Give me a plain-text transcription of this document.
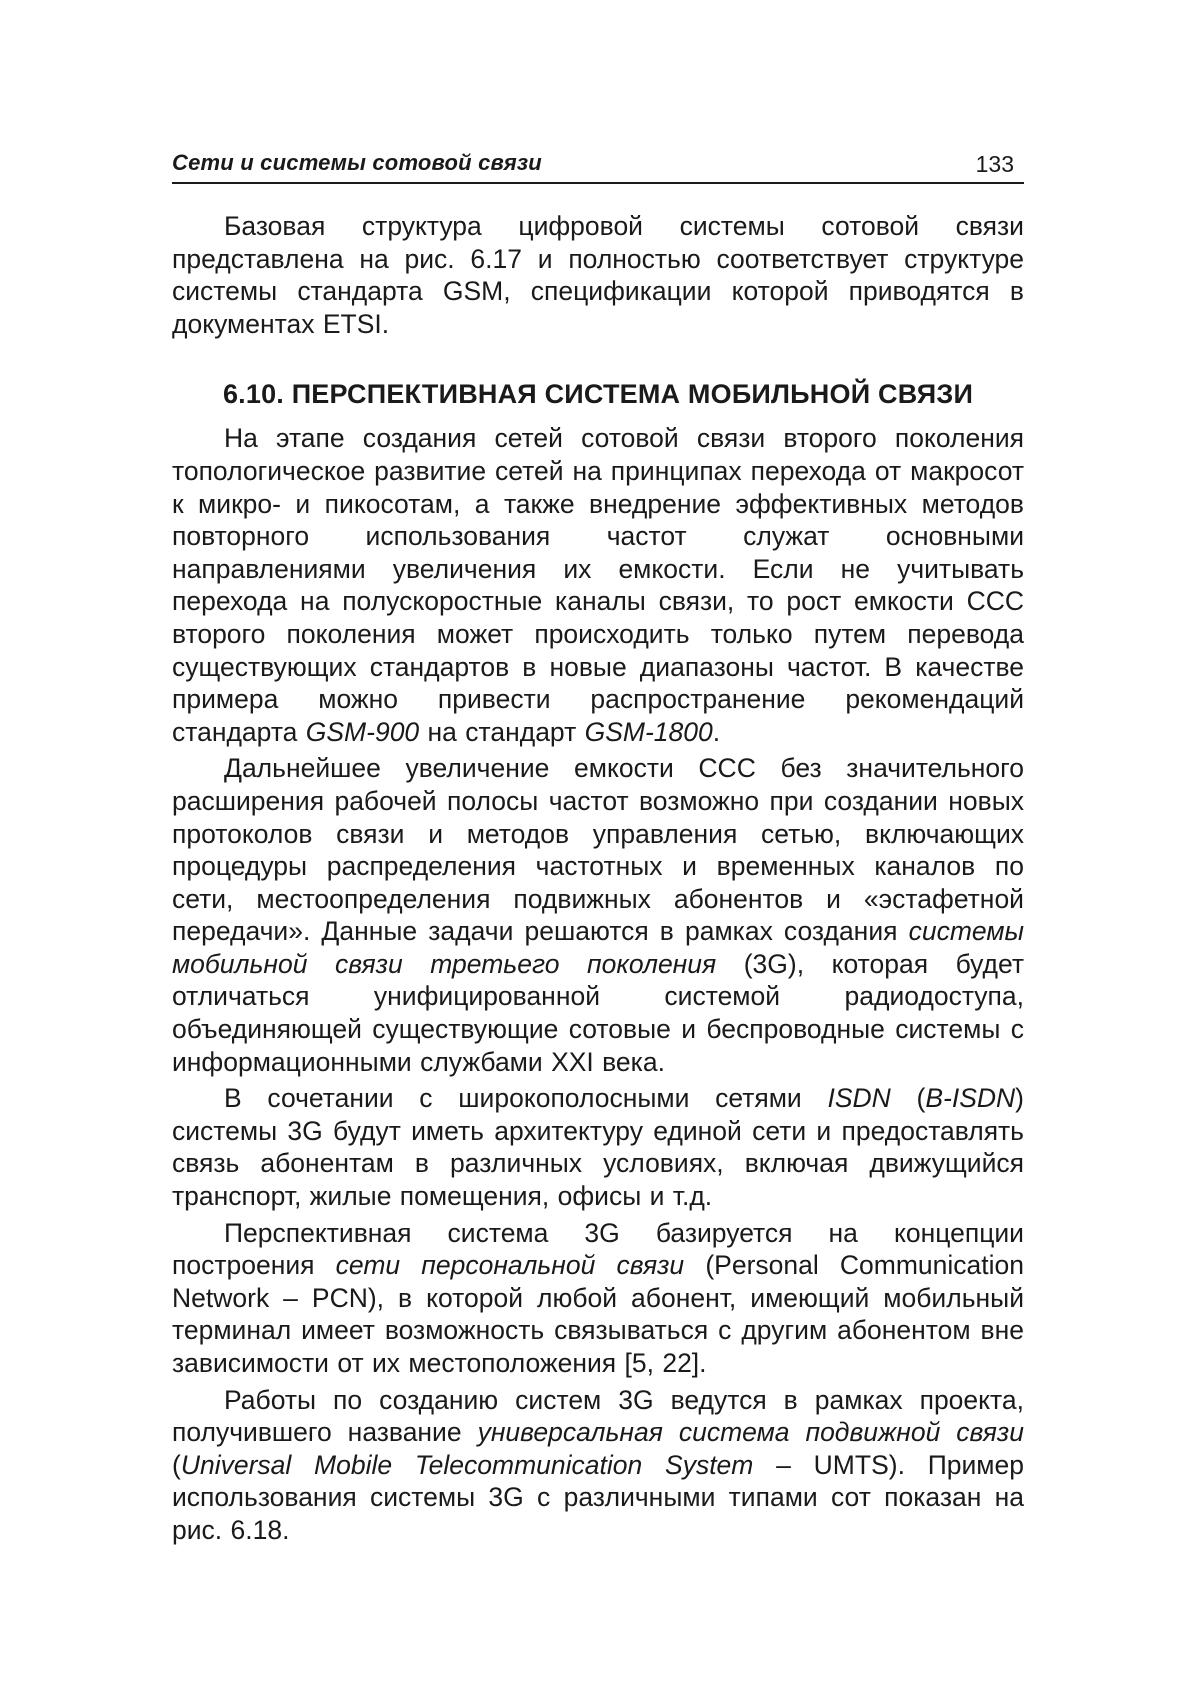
Сети и системы сотовой связи	133

Базовая структура цифровой системы сотовой связи представлена на рис. 6.17 и полностью соответствует структуре системы стандарта GSM, спецификации которой приводятся в документах ETSI.

6.10. ПЕРСПЕКТИВНАЯ СИСТЕМА МОБИЛЬНОЙ СВЯЗИ

На этапе создания сетей сотовой связи второго поколения топологическое развитие сетей на принципах перехода от макросот к микро- и пикосотам, а также внедрение эффективных методов повторного использования частот служат основными направлениями увеличения их емкости. Если не учитывать перехода на полускоростные каналы связи, то рост емкости ССС второго поколения может происходить только путем перевода существующих стандартов в новые диапазоны частот. В качестве примера можно привести распространение рекомендаций стандарта GSM-900 на стандарт GSM-1800.

Дальнейшее увеличение емкости ССС без значительного расширения рабочей полосы частот возможно при создании новых протоколов связи и методов управления сетью, включающих процедуры распределения частотных и временных каналов по сети, местоопределения подвижных абонентов и «эстафетной передачи». Данные задачи решаются в рамках создания системы мобильной связи третьего поколения (3G), которая будет отличаться унифицированной системой радиодоступа, объединяющей существующие сотовые и беспроводные системы с информационными службами XXI века.

В сочетании с широкополосными сетями ISDN (B-ISDN) системы 3G будут иметь архитектуру единой сети и предоставлять связь абонентам в различных условиях, включая движущийся транспорт, жилые помещения, офисы и т.д.

Перспективная система 3G базируется на концепции построения сети персональной связи (Personal Communication Network – PCN), в которой любой абонент, имеющий мобильный терминал имеет возможность связываться с другим абонентом вне зависимости от их местоположения [5, 22].

Работы по созданию систем 3G ведутся в рамках проекта, получившего название универсальная система подвижной связи (Universal Mobile Telecommunication System – UMTS). Пример использования системы 3G с различными типами сот показан на рис. 6.18.
